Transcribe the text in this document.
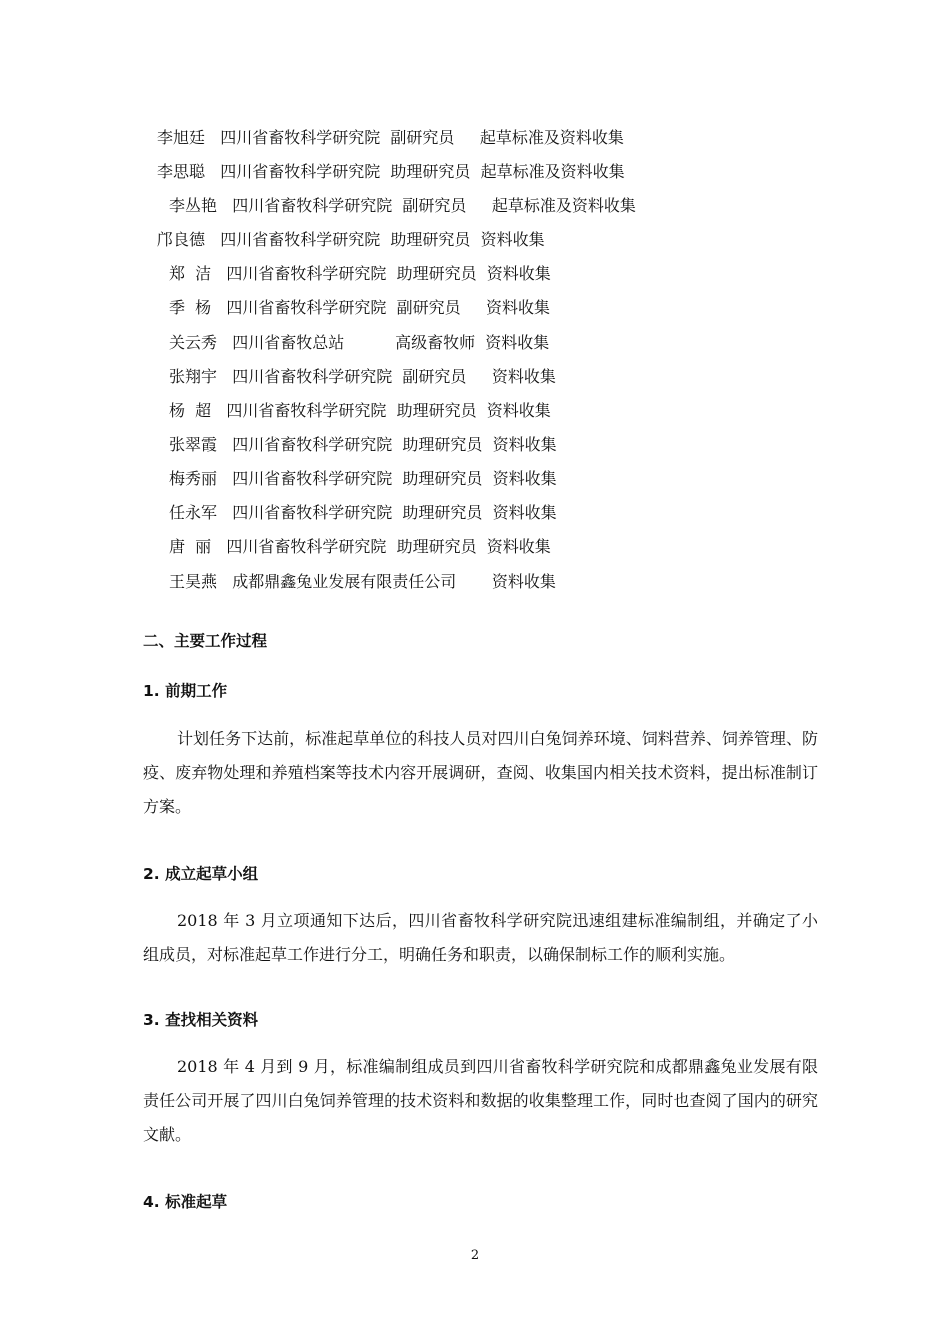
李旭廷   四川省畜牧科学研究院  副研究员     起草标准及资料收集
李思聪   四川省畜牧科学研究院  助理研究员  起草标准及资料收集
李丛艳   四川省畜牧科学研究院  副研究员     起草标准及资料收集
邝良德   四川省畜牧科学研究院  助理研究员  资料收集
郑  洁   四川省畜牧科学研究院  助理研究员  资料收集
季  杨   四川省畜牧科学研究院  副研究员     资料收集
关云秀   四川省畜牧总站          高级畜牧师  资料收集
张翔宇   四川省畜牧科学研究院  副研究员     资料收集
杨  超   四川省畜牧科学研究院  助理研究员  资料收集
张翠霞   四川省畜牧科学研究院  助理研究员  资料收集
梅秀丽   四川省畜牧科学研究院  助理研究员  资料收集
任永军   四川省畜牧科学研究院  助理研究员  资料收集
唐  丽   四川省畜牧科学研究院  助理研究员  资料收集
王昊燕   成都鼎鑫兔业发展有限责任公司       资料收集
二、主要工作过程
1. 前期工作

计划任务下达前，标准起草单位的科技人员对四川白兔饲养环境、饲料营养、饲养管理、防疫、废弃物处理和养殖档案等技术内容开展调研，查阅、收集国内相关技术资料，提出标准制订方案。

2. 成立起草小组

2018 年 3 月立项通知下达后，四川省畜牧科学研究院迅速组建标准编制组，并确定了小组成员，对标准起草工作进行分工，明确任务和职责，以确保制标工作的顺利实施。

3. 查找相关资料

2018 年 4 月到 9 月，标准编制组成员到四川省畜牧科学研究院和成都鼎鑫兔业发展有限责任公司开展了四川白兔饲养管理的技术资料和数据的收集整理工作，同时也查阅了国内的研究文献。

4. 标准起草
2
